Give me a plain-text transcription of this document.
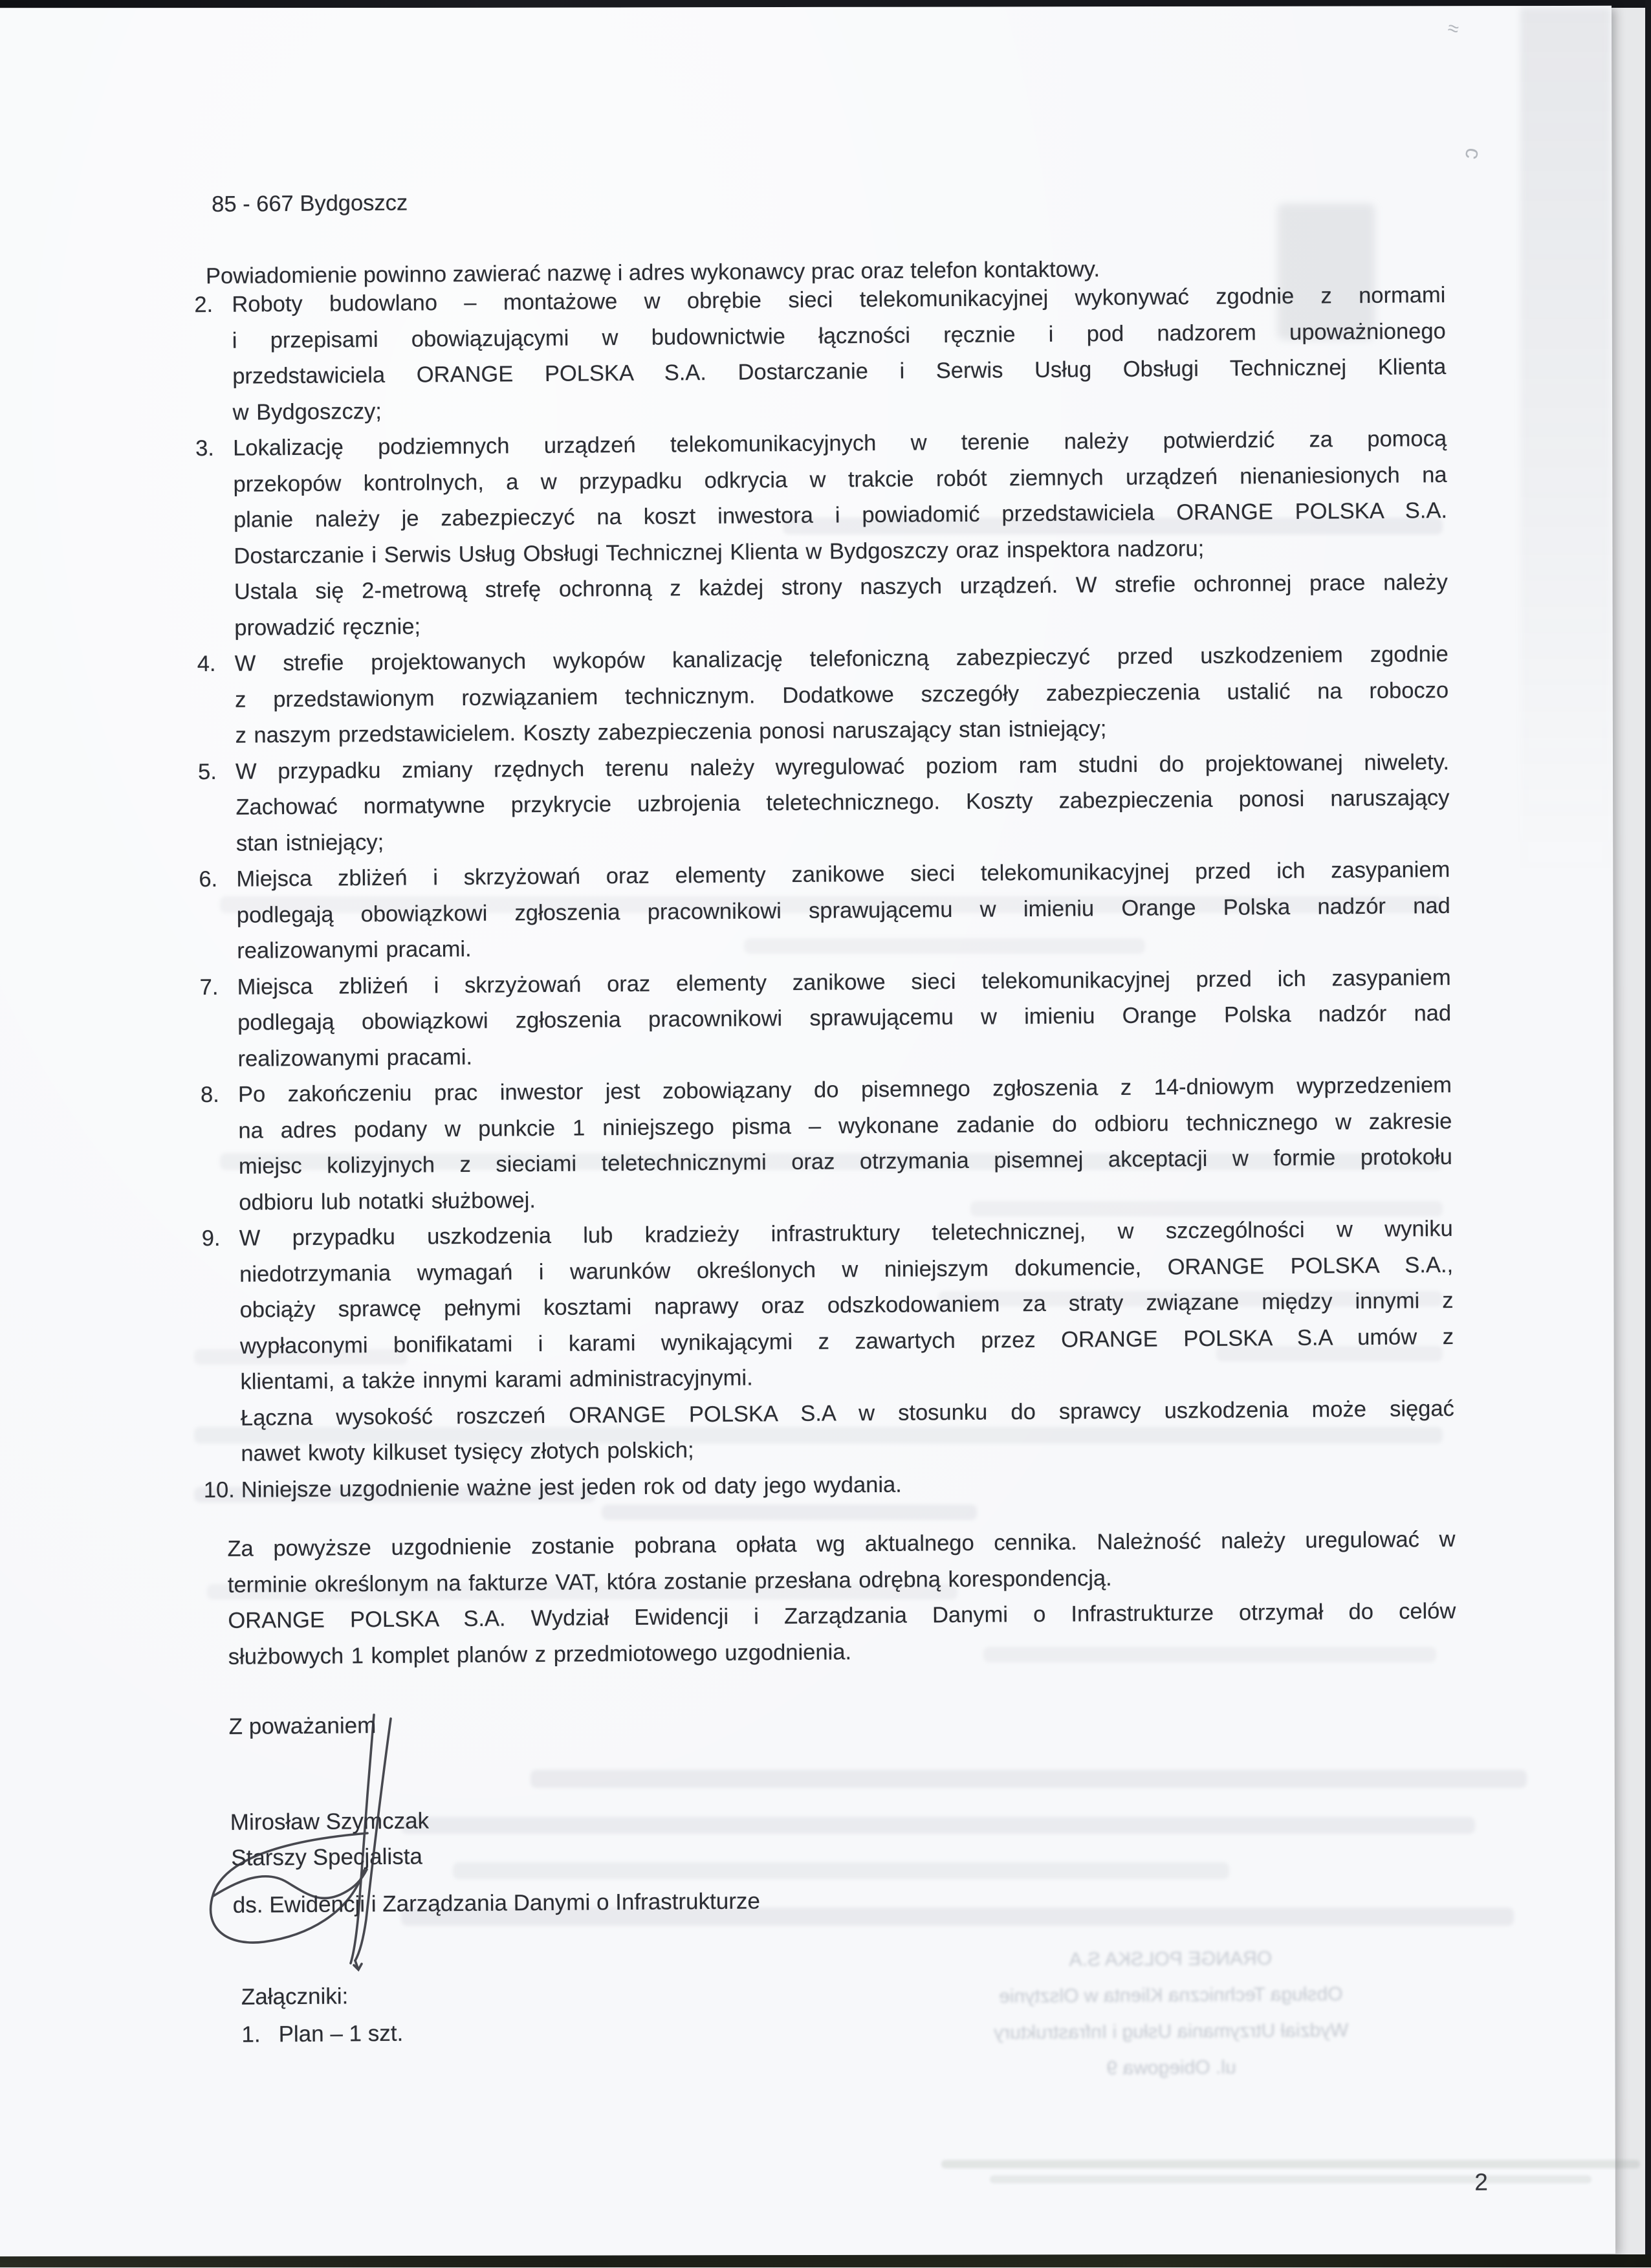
≈
ϲ
ORANGE POLSKA S.A
Obsługa Techniczna Klienta w Olsztynie
Wydział Utrzymania Usług i Infrastruktury
ul. Obiegowa 9
85 - 667 Bydgoszcz
Powiadomienie powinno zawierać nazwę i adres wykonawcy prac oraz telefon kontaktowy.
2. Roboty budowlano – montażowe w obrębie sieci telekomunikacyjnej wykonywać zgodnie z normami
i przepisami obowiązującymi w budownictwie łączności ręcznie i pod nadzorem upoważnionego
przedstawiciela ORANGE POLSKA S.A. Dostarczanie i Serwis Usług Obsługi Technicznej Klienta
w Bydgoszczy;
3. Lokalizację podziemnych urządzeń telekomunikacyjnych w terenie należy potwierdzić za pomocą
przekopów kontrolnych, a w przypadku odkrycia w trakcie robót ziemnych urządzeń nienaniesionych na
planie należy je zabezpieczyć na koszt inwestora i powiadomić przedstawiciela ORANGE POLSKA S.A.
Dostarczanie i Serwis Usług Obsługi Technicznej Klienta w Bydgoszczy oraz inspektora nadzoru;
Ustala się 2-metrową strefę ochronną z każdej strony naszych urządzeń. W strefie ochronnej prace należy
prowadzić ręcznie;
4. W strefie projektowanych wykopów kanalizację telefoniczną zabezpieczyć przed uszkodzeniem zgodnie
z przedstawionym rozwiązaniem technicznym. Dodatkowe szczegóły zabezpieczenia ustalić na roboczo
z naszym przedstawicielem. Koszty zabezpieczenia ponosi naruszający stan istniejący;
5. W przypadku zmiany rzędnych terenu należy wyregulować poziom ram studni do projektowanej niwelety.
Zachować normatywne przykrycie uzbrojenia teletechnicznego. Koszty zabezpieczenia ponosi naruszający
stan istniejący;
6. Miejsca zbliżeń i skrzyżowań oraz elementy zanikowe sieci telekomunikacyjnej przed ich zasypaniem
podlegają obowiązkowi zgłoszenia pracownikowi sprawującemu w imieniu Orange Polska nadzór nad
realizowanymi pracami.
7. Miejsca zbliżeń i skrzyżowań oraz elementy zanikowe sieci telekomunikacyjnej przed ich zasypaniem
podlegają obowiązkowi zgłoszenia pracownikowi sprawującemu w imieniu Orange Polska nadzór nad
realizowanymi pracami.
8. Po zakończeniu prac inwestor jest zobowiązany do pisemnego zgłoszenia z 14-dniowym wyprzedzeniem
na adres podany w punkcie 1 niniejszego pisma – wykonane zadanie do odbioru technicznego w zakresie
miejsc kolizyjnych z sieciami teletechnicznymi oraz otrzymania pisemnej akceptacji w formie protokołu
odbioru lub notatki służbowej.
9. W przypadku uszkodzenia lub kradzieży infrastruktury teletechnicznej, w szczególności w wyniku
niedotrzymania wymagań i warunków określonych w niniejszym dokumencie, ORANGE POLSKA S.A.,
obciąży sprawcę pełnymi kosztami naprawy oraz odszkodowaniem za straty związane między innymi z
wypłaconymi bonifikatami i karami wynikającymi z zawartych przez ORANGE POLSKA S.A umów z
klientami, a także innymi karami administracyjnymi.
Łączna wysokość roszczeń ORANGE POLSKA S.A w stosunku do sprawcy uszkodzenia może sięgać
nawet kwoty kilkuset tysięcy złotych polskich;
10. Niniejsze uzgodnienie ważne jest jeden rok od daty jego wydania.
Za powyższe uzgodnienie zostanie pobrana opłata wg aktualnego cennika. Należność należy uregulować w
terminie określonym na fakturze VAT, która zostanie przesłana odrębną korespondencją.
ORANGE POLSKA S.A. Wydział Ewidencji i Zarządzania Danymi o Infrastrukturze otrzymał do celów
służbowych 1 komplet planów z przedmiotowego uzgodnienia.
Z poważaniem
Mirosław Szymczak
Starszy Specjalista
ds. Ewidencji i Zarządzania Danymi o Infrastrukturze
Załączniki:
1. Plan – 1 szt.
2
